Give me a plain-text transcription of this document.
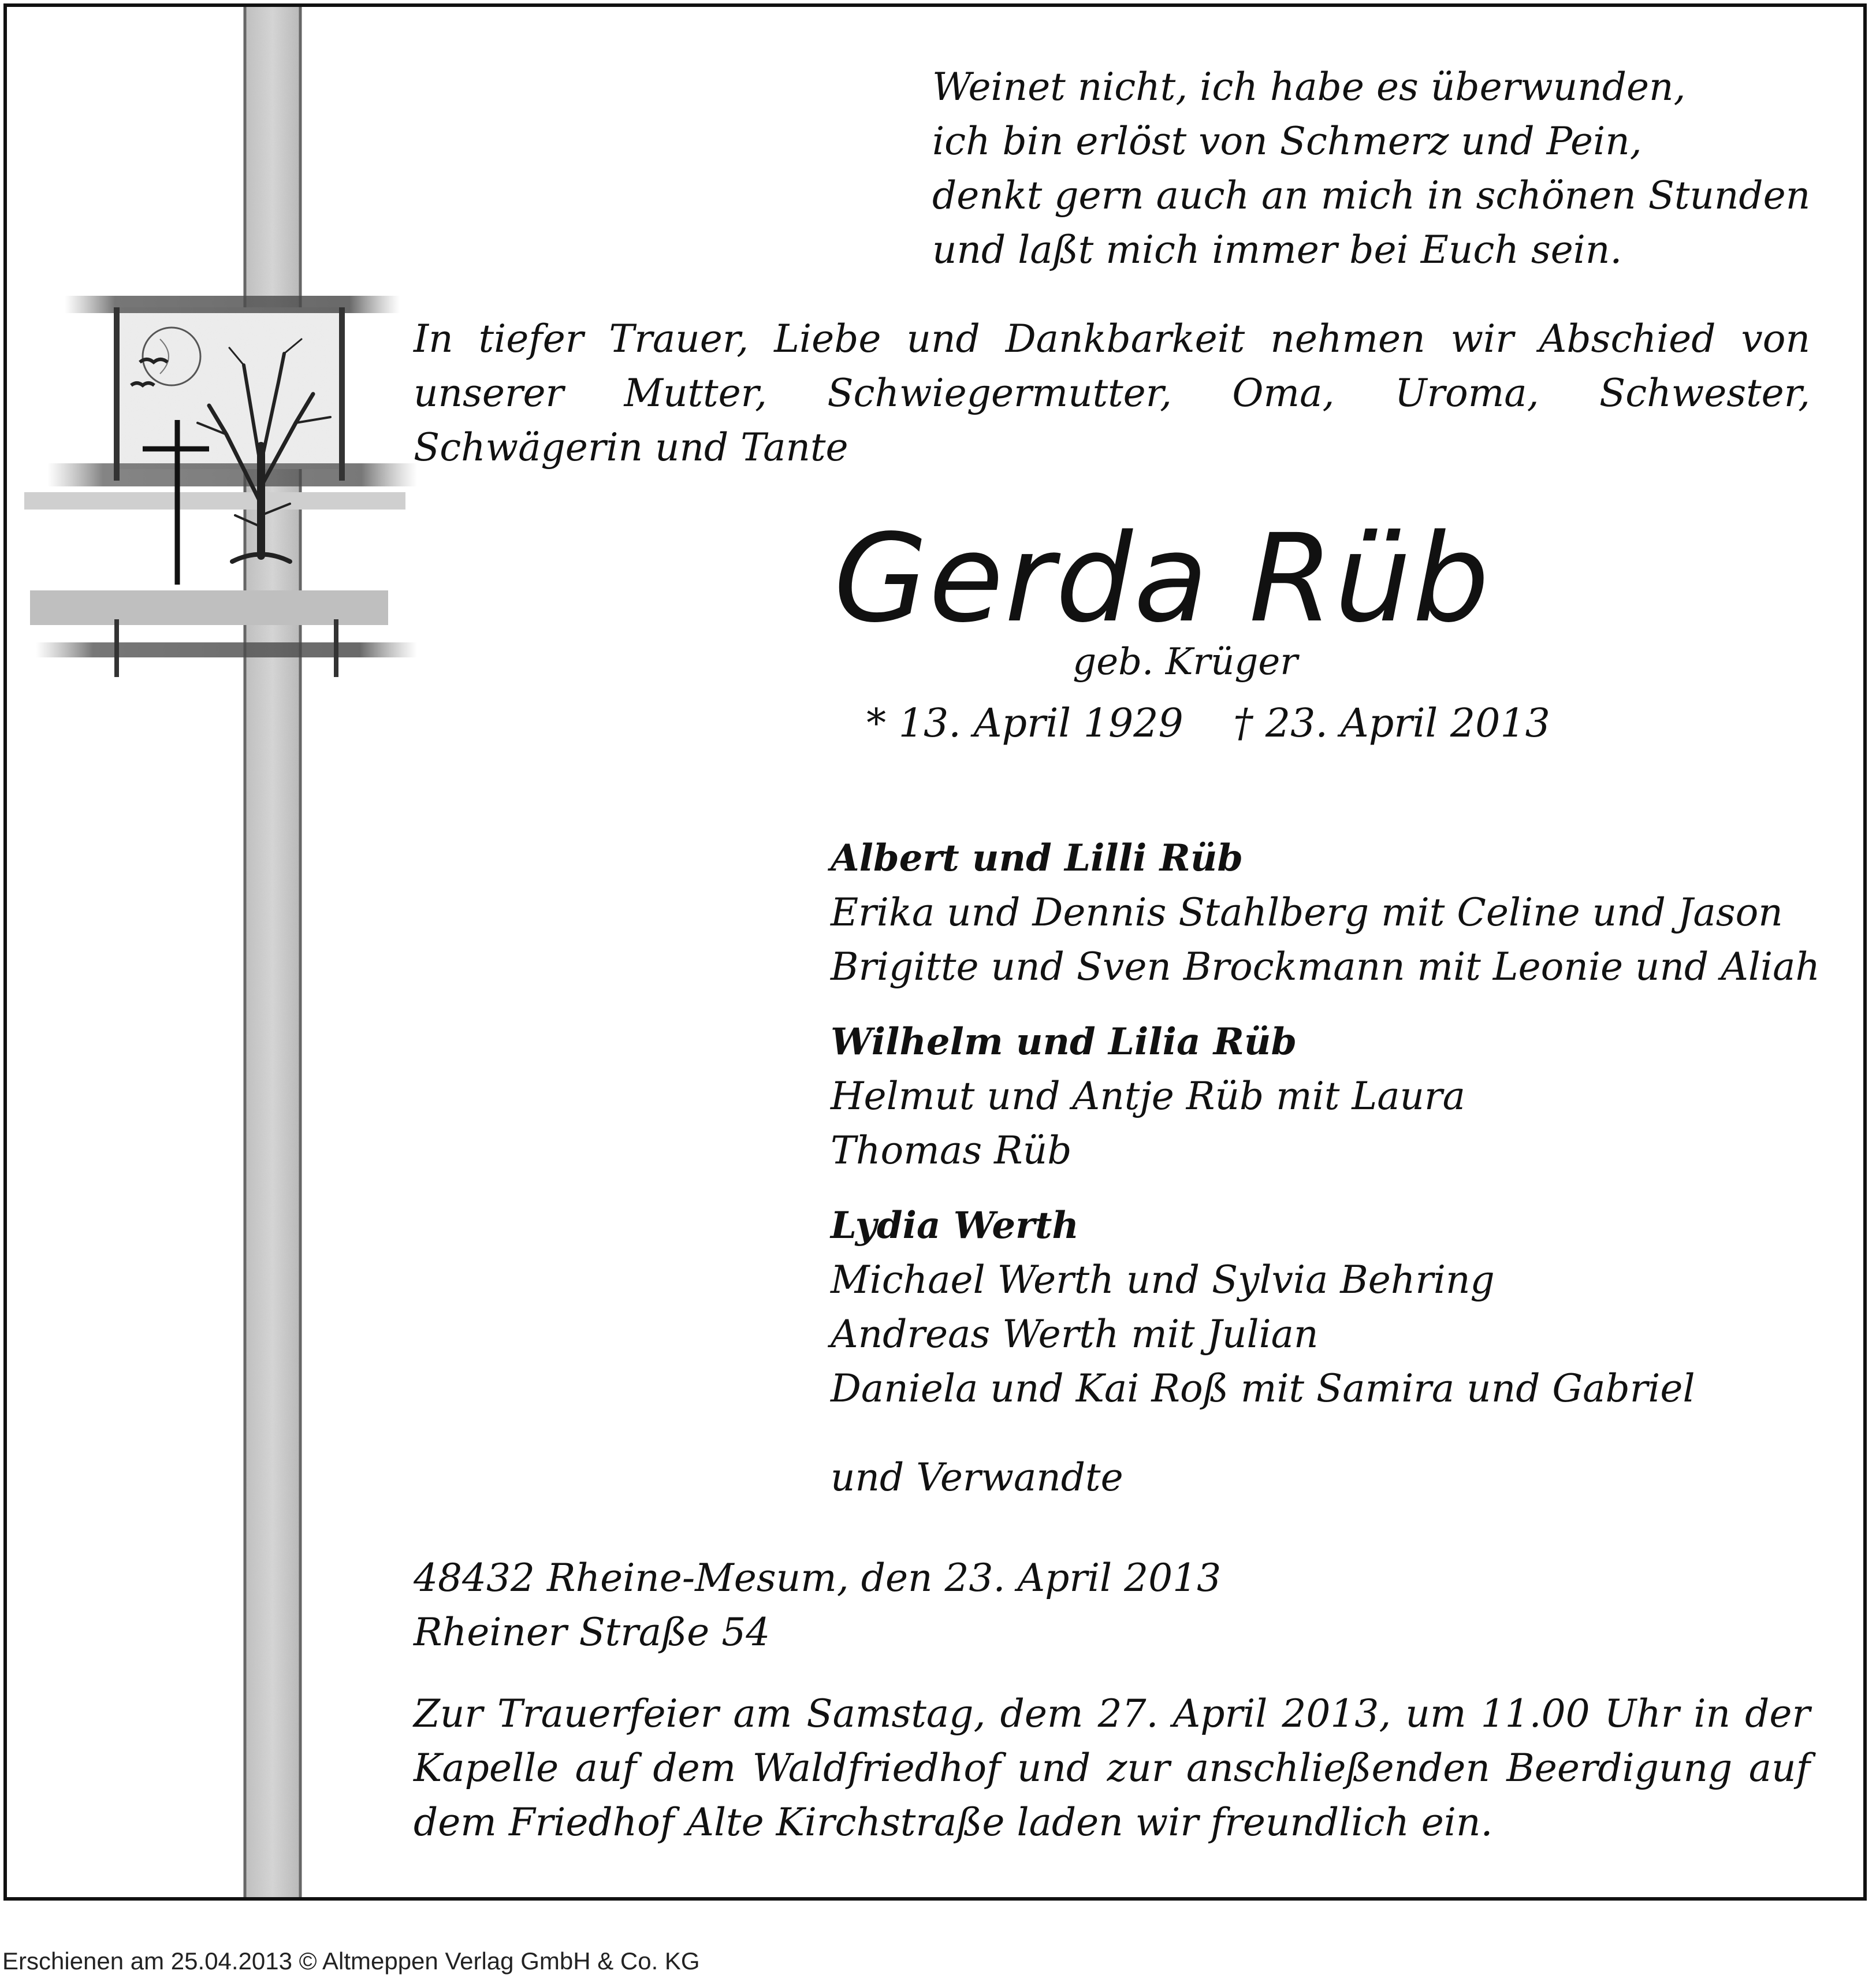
Weinet nicht, ich habe es überwunden,
ich bin erlöst von Schmerz und Pein,
denkt gern auch an mich in schönen Stunden
und laßt mich immer bei Euch sein.
In tiefer Trauer, Liebe und Dankbarkeit nehmen wir Abschied von unserer Mutter, Schwiegermutter, Oma, Uroma, Schwester, Schwägerin und Tante
Gerda Rüb
geb. Krüger
* 13. April 1929 † 23. April 2013
Albert und Lilli Rüb
Erika und Dennis Stahlberg mit Celine und Jason
Brigitte und Sven Brockmann mit Leonie und Aliah
Wilhelm und Lilia Rüb
Helmut und Antje Rüb mit Laura
Thomas Rüb
Lydia Werth
Michael Werth und Sylvia Behring
Andreas Werth mit Julian
Daniela und Kai Roß mit Samira und Gabriel
und Verwandte
48432 Rheine-Mesum, den 23. April 2013
Rheiner Straße 54
Zur Trauerfeier am Samstag, dem 27. April 2013, um 11.00 Uhr in der Kapelle auf dem Waldfriedhof und zur anschließenden Beerdigung auf dem Friedhof Alte Kirchstraße laden wir freundlich ein.
Erschienen am 25.04.2013 © Altmeppen Verlag GmbH & Co. KG
